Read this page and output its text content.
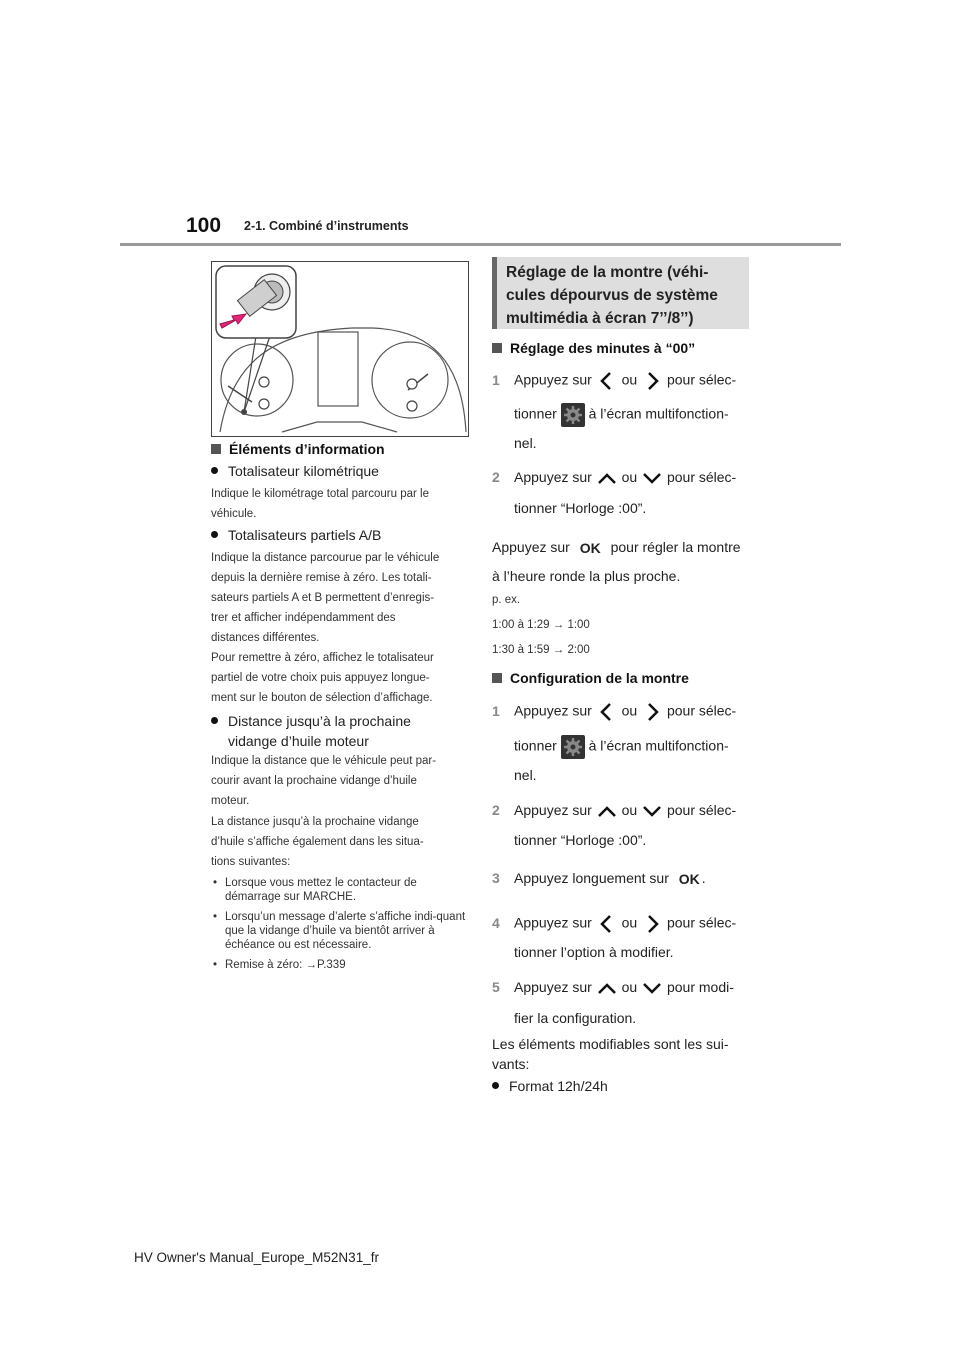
100 2-1. Combiné d’instruments
Éléments d’information
Totalisateur kilométrique
Indique le kilométrage total parcouru par le
véhicule.
Totalisateurs partiels A/B
Indique la distance parcourue par le véhicule
depuis la dernière remise à zéro. Les totali-
sateurs partiels A et B permettent d’enregis-
trer et afficher indépendamment des
distances différentes.
Pour remettre à zéro, affichez le totalisateur
partiel de votre choix puis appuyez longue-
ment sur le bouton de sélection d’affichage.
Distance jusqu’à la prochaine
vidange d’huile moteur
Indique la distance que le véhicule peut par-
courir avant la prochaine vidange d’huile
moteur.
La distance jusqu’à la prochaine vidange
d’huile s’affiche également dans les situa-
tions suivantes:
• Lorsque vous mettez le contacteur de démarrage sur MARCHE.
• Lorsqu’un message d’alerte s’affiche indi-quant que la vidange d’huile va bientôt arriver à échéance ou est nécessaire.
• Remise à zéro: →P.339
Réglage de la montre (véhi-
cules dépourvus de système
multimédia à écran 7’’/8’’)
Réglage des minutes à “00”
1 Appuyez sur ou pour sélec-
tionner à l’écran multifonction-
nel.
2 Appuyez sur ou pour sélec-
tionner “Horloge :00”.
Appuyez sur OK pour régler la montre
à l’heure ronde la plus proche.
p. ex.
1:00 à 1:29 → 1:00
1:30 à 1:59 → 2:00
Configuration de la montre
1 Appuyez sur ou pour sélec-
tionner à l’écran multifonction-
nel.
2 Appuyez sur ou pour sélec-
tionner “Horloge :00”.
3 Appuyez longuement sur OK .
4 Appuyez sur ou pour sélec-
tionner l’option à modifier.
5 Appuyez sur ou pour modi-
fier la configuration.
Les éléments modifiables sont les sui-
vants:
Format 12h/24h
HV Owner's Manual_Europe_M52N31_fr
